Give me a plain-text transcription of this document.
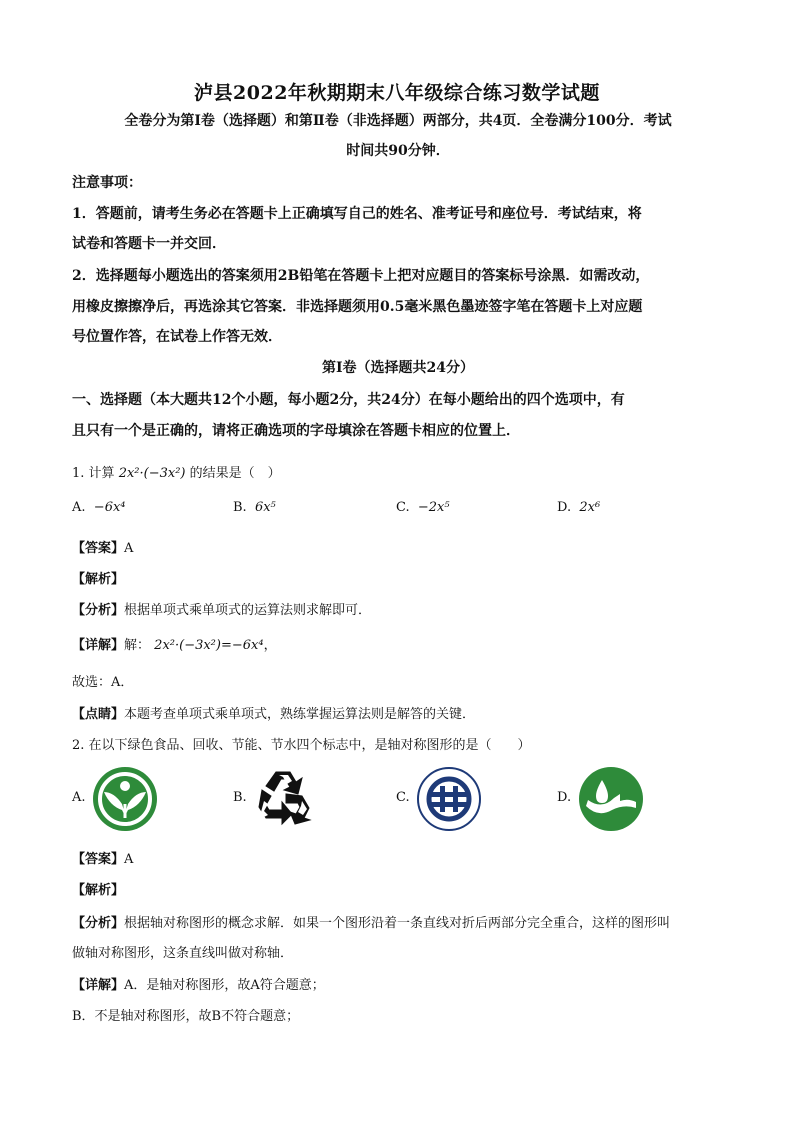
泸县2022年秋期期末八年级综合练习数学试题
全卷分为第Ⅰ卷（选择题）和第Ⅱ卷（非选择题）两部分，共4页．全卷满分100分．考试
时间共90分钟．
注意事项：
1．答题前，请考生务必在答题卡上正确填写自己的姓名、准考证号和座位号．考试结束，将
试卷和答题卡一并交回．
2．选择题每小题选出的答案须用2B铅笔在答题卡上把对应题目的答案标号涂黑．如需改动，
用橡皮擦擦净后，再选涂其它答案．非选择题须用0.5毫米黑色墨迹签字笔在答题卡上对应题
号位置作答，在试卷上作答无效．
第Ⅰ卷（选择题共24分）
一、选择题（本大题共12个小题，每小题2分，共24分）在每小题给出的四个选项中，有
且只有一个是正确的，请将正确选项的字母填涂在答题卡相应的位置上．
1. 计算 2x²·(−3x²) 的结果是（　）
A. −6x⁴	B. 6x⁵	C. −2x⁵	D. 2x⁶
【答案】A
【解析】
【分析】根据单项式乘单项式的运算法则求解即可．
【详解】解： 2x²·(−3x²)=−6x⁴，
故选：A．
【点睛】本题考查单项式乘单项式，熟练掌握运算法则是解答的关键．
2. 在以下绿色食品、回收、节能、节水四个标志中，是轴对称图形的是（　　）
A.	B.	C.	D.
【答案】A
【解析】
【分析】根据轴对称图形的概念求解．如果一个图形沿着一条直线对折后两部分完全重合，这样的图形叫
做轴对称图形，这条直线叫做对称轴．
【详解】A．是轴对称图形，故A符合题意；
B．不是轴对称图形，故B不符合题意；
